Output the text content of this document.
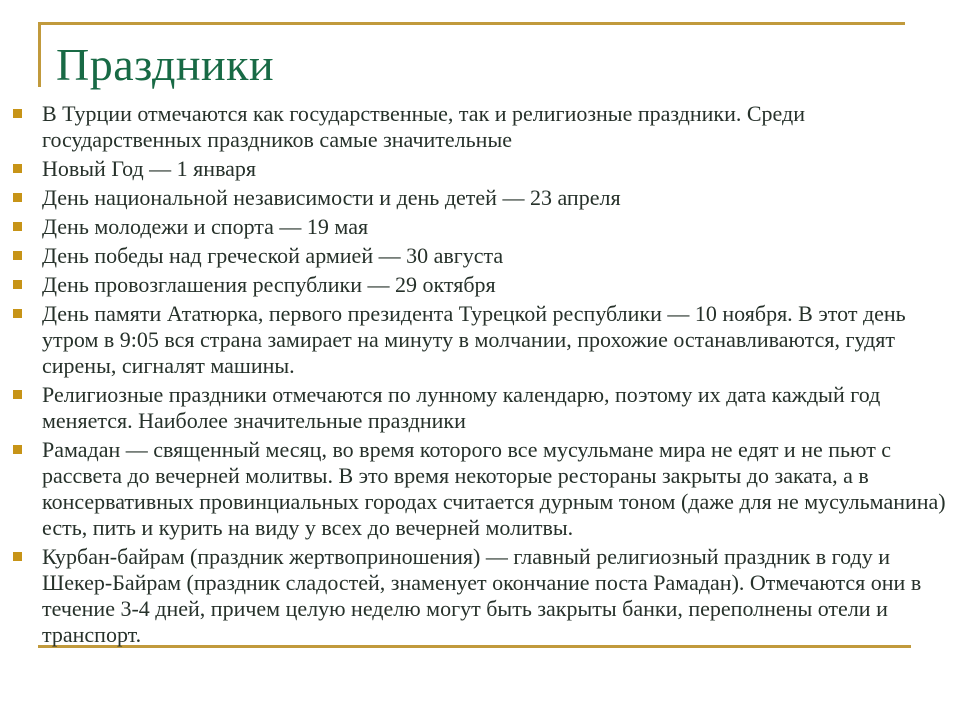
Праздники
В Турции отмечаются как государственные, так и религиозные праздники. Среди государственных праздников самые значительные
Новый Год — 1 января
День национальной независимости и день детей — 23 апреля
День молодежи и спорта — 19 мая
День победы над греческой армией — 30 августа
День провозглашения республики — 29 октября
День памяти Ататюрка, первого президента Турецкой республики — 10 ноября. В этот день утром в 9:05 вся страна замирает на минуту в молчании, прохожие останавливаются, гудят сирены, сигналят машины.
Религиозные праздники отмечаются по лунному календарю, поэтому их дата каждый год меняется. Наиболее значительные праздники
Рамадан — священный месяц, во время которого все мусульмане мира не едят и не пьют с рассвета до вечерней молитвы. В это время некоторые рестораны закрыты до заката, а в консервативных провинциальных городах считается дурным тоном (даже для не мусульманина) есть, пить и курить на виду у всех до вечерней молитвы.
Курбан-байрам (праздник жертвоприношения) — главный религиозный праздник в году и Шекер-Байрам (праздник сладостей, знаменует окончание поста Рамадан). Отмечаются они в течение 3-4 дней, причем целую неделю могут быть закрыты банки, переполнены отели и транспорт.
